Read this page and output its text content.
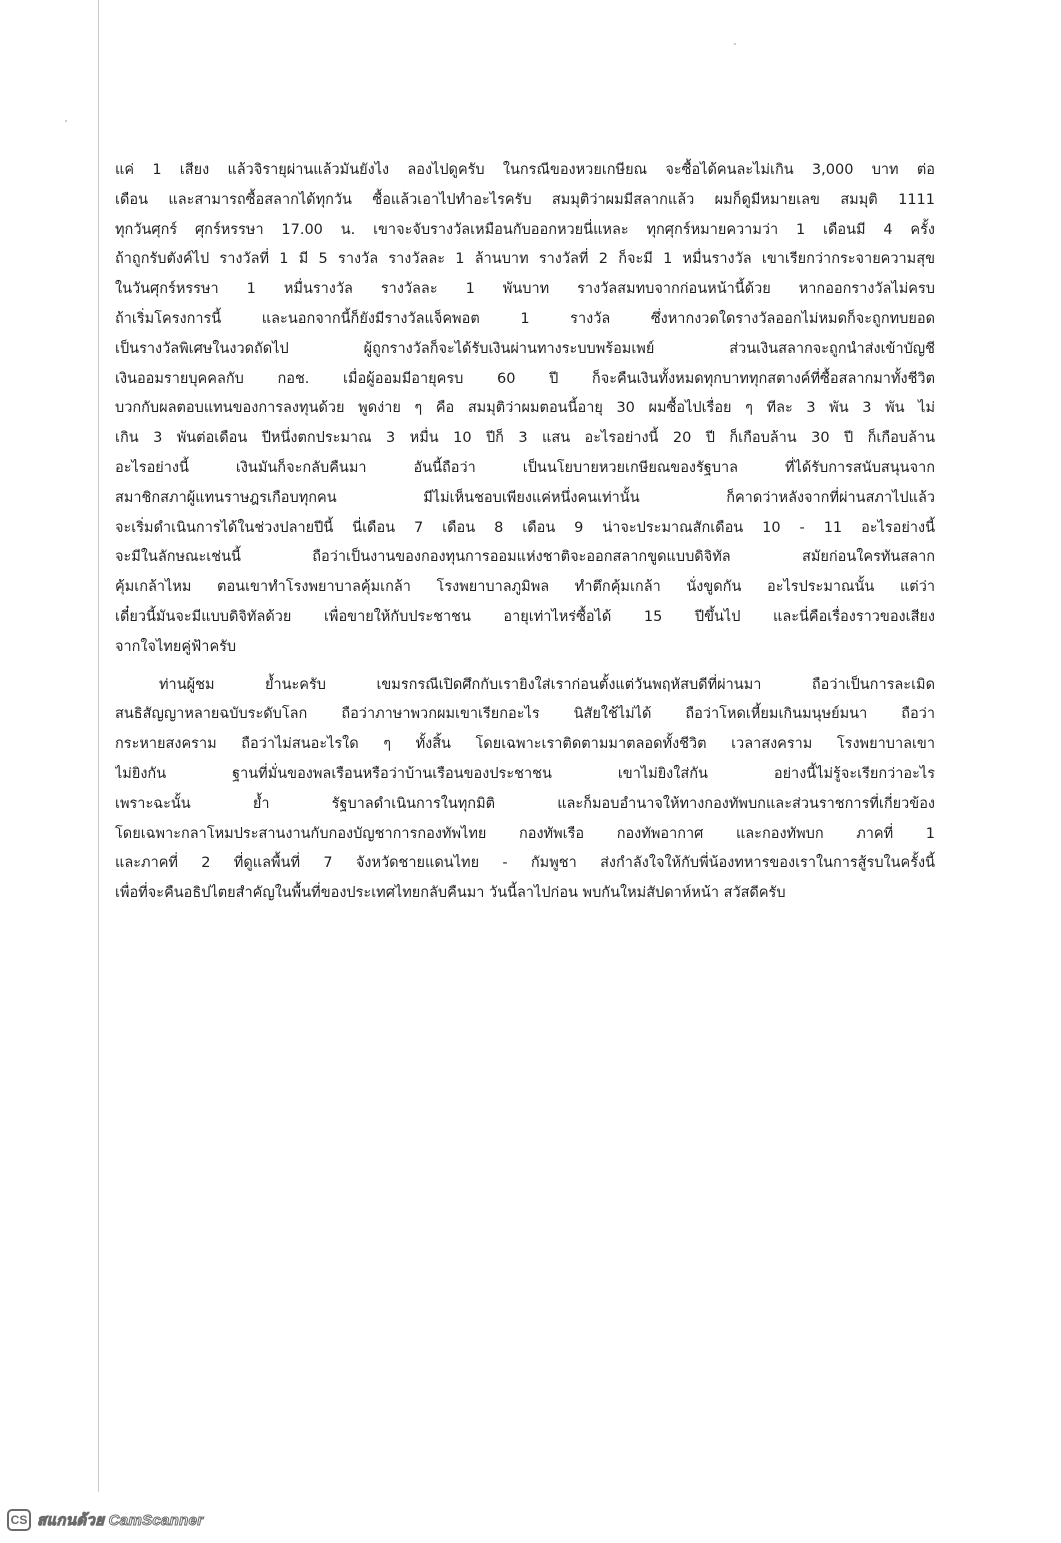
แค่ 1 เสียง แล้วจิรายุผ่านแล้วมันยังไง ลองไปดูครับ ในกรณีของหวยเกษียณ จะซื้อได้คนละไม่เกิน 3,000 บาท ต่อ
เดือน และสามารถซื้อสลากได้ทุกวัน ซื้อแล้วเอาไปทำอะไรครับ สมมุติว่าผมมีสลากแล้ว ผมก็ดูมีหมายเลข สมมุติ 1111
ทุกวันศุกร์ ศุกร์หรรษา 17.00 น. เขาจะจับรางวัลเหมือนกับออกหวยนี่แหละ ทุกศุกร์หมายความว่า 1 เดือนมี 4 ครั้ง
ถ้าถูกรับตังค์ไป รางวัลที่ 1 มี 5 รางวัล รางวัลละ 1 ล้านบาท รางวัลที่ 2 ก็จะมี 1 หมื่นรางวัล เขาเรียกว่ากระจายความสุข
ในวันศุกร์หรรษา 1 หมื่นรางวัล รางวัลละ 1 พันบาท รางวัลสมทบจากก่อนหน้านี้ด้วย หากออกรางวัลไม่ครบ
ถ้าเริ่มโครงการนี้ และนอกจากนี้ก็ยังมีรางวัลแจ็คพอต 1 รางวัล ซึ่งหากงวดใดรางวัลออกไม่หมดก็จะถูกทบยอด
เป็นรางวัลพิเศษในงวดถัดไป ผู้ถูกรางวัลก็จะได้รับเงินผ่านทางระบบพร้อมเพย์ ส่วนเงินสลากจะถูกนำส่งเข้าบัญชี
เงินออมรายบุคคลกับ กอช. เมื่อผู้ออมมีอายุครบ 60 ปี ก็จะคืนเงินทั้งหมดทุกบาททุกสตางค์ที่ซื้อสลากมาทั้งชีวิต
บวกกับผลตอบแทนของการลงทุนด้วย พูดง่าย ๆ คือ สมมุติว่าผมตอนนี้อายุ 30 ผมซื้อไปเรื่อย ๆ ทีละ 3 พัน 3 พัน ไม่
เกิน 3 พันต่อเดือน ปีหนึ่งตกประมาณ 3 หมื่น 10 ปีก็ 3 แสน อะไรอย่างนี้ 20 ปี ก็เกือบล้าน 30 ปี ก็เกือบล้าน
อะไรอย่างนี้ เงินมันก็จะกลับคืนมา อันนี้ถือว่า เป็นนโยบายหวยเกษียณของรัฐบาล ที่ได้รับการสนับสนุนจาก
สมาชิกสภาผู้แทนราษฎรเกือบทุกคน มีไม่เห็นชอบเพียงแค่หนึ่งคนเท่านั้น ก็คาดว่าหลังจากที่ผ่านสภาไปแล้ว
จะเริ่มดำเนินการได้ในช่วงปลายปีนี้ นี่เดือน 7 เดือน 8 เดือน 9 น่าจะประมาณสักเดือน 10 - 11 อะไรอย่างนี้
จะมีในลักษณะเช่นนี้ ถือว่าเป็นงานของกองทุนการออมแห่งชาติจะออกสลากขูดแบบดิจิทัล สมัยก่อนใครทันสลาก
คุ้มเกล้าไหม ตอนเขาทำโรงพยาบาลคุ้มเกล้า โรงพยาบาลภูมิพล ทำตึกคุ้มเกล้า นั่งขูดกัน อะไรประมาณนั้น แต่ว่า
เดี๋ยวนี้มันจะมีแบบดิจิทัลด้วย เพื่อขายให้กับประชาชน อายุเท่าไหร่ซื้อได้ 15 ปีขึ้นไป และนี่คือเรื่องราวของเสียง
จากใจไทยคู่ฟ้าครับ
ท่านผู้ชม ย้ำนะครับ เขมรกรณีเปิดศึกกับเรายิงใส่เราก่อนตั้งแต่วันพฤหัสบดีที่ผ่านมา ถือว่าเป็นการละเมิด
สนธิสัญญาหลายฉบับระดับโลก ถือว่าภาษาพวกผมเขาเรียกอะไร นิสัยใช้ไม่ได้ ถือว่าโหดเหี้ยมเกินมนุษย์มนา ถือว่า
กระหายสงคราม ถือว่าไม่สนอะไรใด ๆ ทั้งสิ้น โดยเฉพาะเราติดตามมาตลอดทั้งชีวิต เวลาสงคราม โรงพยาบาลเขา
ไม่ยิงกัน ฐานที่มั่นของพลเรือนหรือว่าบ้านเรือนของประชาชน เขาไม่ยิงใส่กัน อย่างนี้ไม่รู้จะเรียกว่าอะไร
เพราะฉะนั้น ย้ำ รัฐบาลดำเนินการในทุกมิติ และก็มอบอำนาจให้ทางกองทัพบกและส่วนราชการที่เกี่ยวข้อง
โดยเฉพาะกลาโหมประสานงานกับกองบัญชาการกองทัพไทย กองทัพเรือ กองทัพอากาศ และกองทัพบก ภาคที่ 1
และภาคที่ 2 ที่ดูแลพื้นที่ 7 จังหวัดชายแดนไทย - กัมพูชา ส่งกำลังใจให้กับพี่น้องทหารของเราในการสู้รบในครั้งนี้
เพื่อที่จะคืนอธิปไตยสำคัญในพื้นที่ของประเทศไทยกลับคืนมา วันนี้ลาไปก่อน พบกันใหม่สัปดาห์หน้า สวัสดีครับ
CS สแกนด้วย CamScanner
